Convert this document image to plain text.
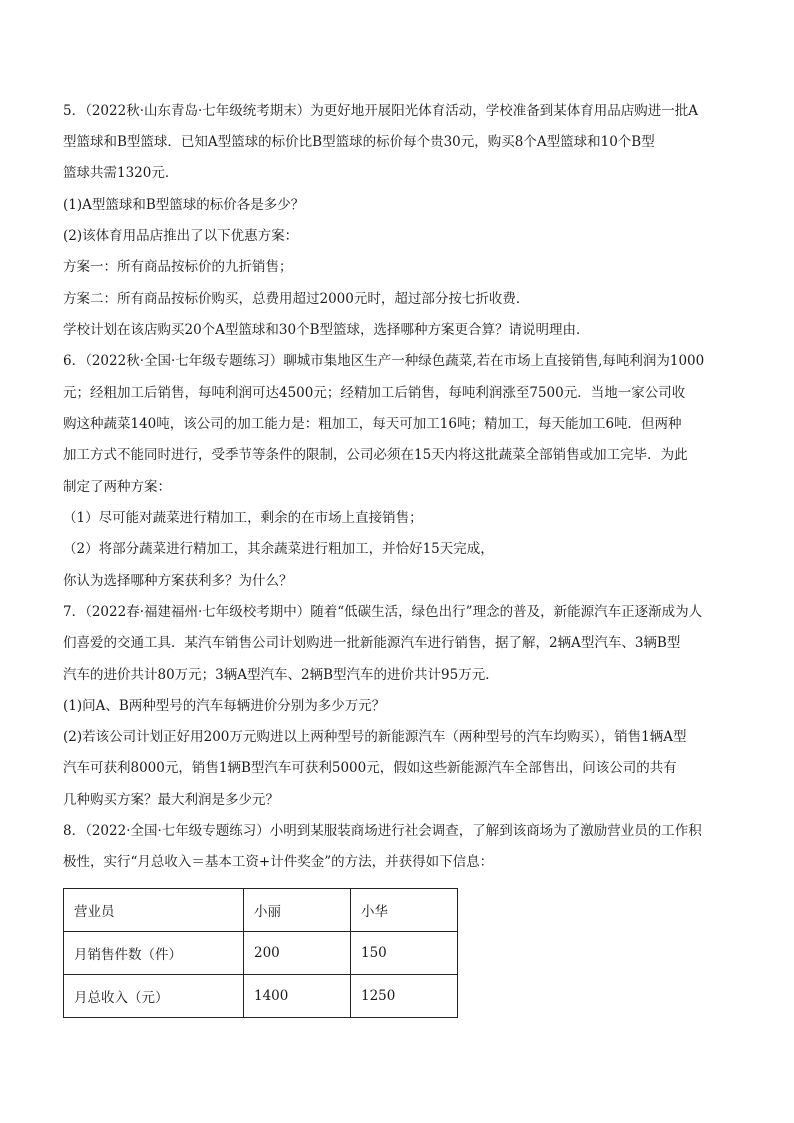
5．（2022秋·山东青岛·七年级统考期末）为更好地开展阳光体育活动，学校准备到某体育用品店购进一批A
型篮球和B型篮球．已知A型篮球的标价比B型篮球的标价每个贵30元，购买8个A型篮球和10个B型
篮球共需1320元．
(1)A型篮球和B型篮球的标价各是多少？
(2)该体育用品店推出了以下优惠方案：
方案一：所有商品按标价的九折销售；
方案二：所有商品按标价购买，总费用超过2000元时，超过部分按七折收费．
学校计划在该店购买20个A型篮球和30个B型篮球，选择哪种方案更合算？请说明理由．
6．（2022秋·全国·七年级专题练习）聊城市集地区生产一种绿色蔬菜,若在市场上直接销售,每吨利润为1000
元；经粗加工后销售，每吨利润可达4500元；经精加工后销售，每吨利润涨至7500元．当地一家公司收
购这种蔬菜140吨，该公司的加工能力是：粗加工，每天可加工16吨；精加工，每天能加工6吨．但两种
加工方式不能同时进行，受季节等条件的限制，公司必须在15天内将这批蔬菜全部销售或加工完毕．为此
制定了两种方案：
（1）尽可能对蔬菜进行精加工，剩余的在市场上直接销售；
（2）将部分蔬菜进行精加工，其余蔬菜进行粗加工，并恰好15天完成，
你认为选择哪种方案获利多？为什么？
7．（2022春·福建福州·七年级校考期中）随着“低碳生活，绿色出行”理念的普及，新能源汽车正逐渐成为人
们喜爱的交通工具．某汽车销售公司计划购进一批新能源汽车进行销售，据了解，2辆A型汽车、3辆B型
汽车的进价共计80万元；3辆A型汽车、2辆B型汽车的进价共计95万元．
(1)问A、B两种型号的汽车每辆进价分别为多少万元？
(2)若该公司计划正好用200万元购进以上两种型号的新能源汽车（两种型号的汽车均购买），销售1辆A型
汽车可获利8000元，销售1辆B型汽车可获利5000元，假如这些新能源汽车全部售出，问该公司的共有
几种购买方案？最大利润是多少元？
8．（2022·全国·七年级专题练习）小明到某服装商场进行社会调查，了解到该商场为了激励营业员的工作积
极性，实行“月总收入＝基本工资+计件奖金”的方法，并获得如下信息：
营业员	小丽	小华
月销售件数（件）	200	150
月总收入（元）	1400	1250
